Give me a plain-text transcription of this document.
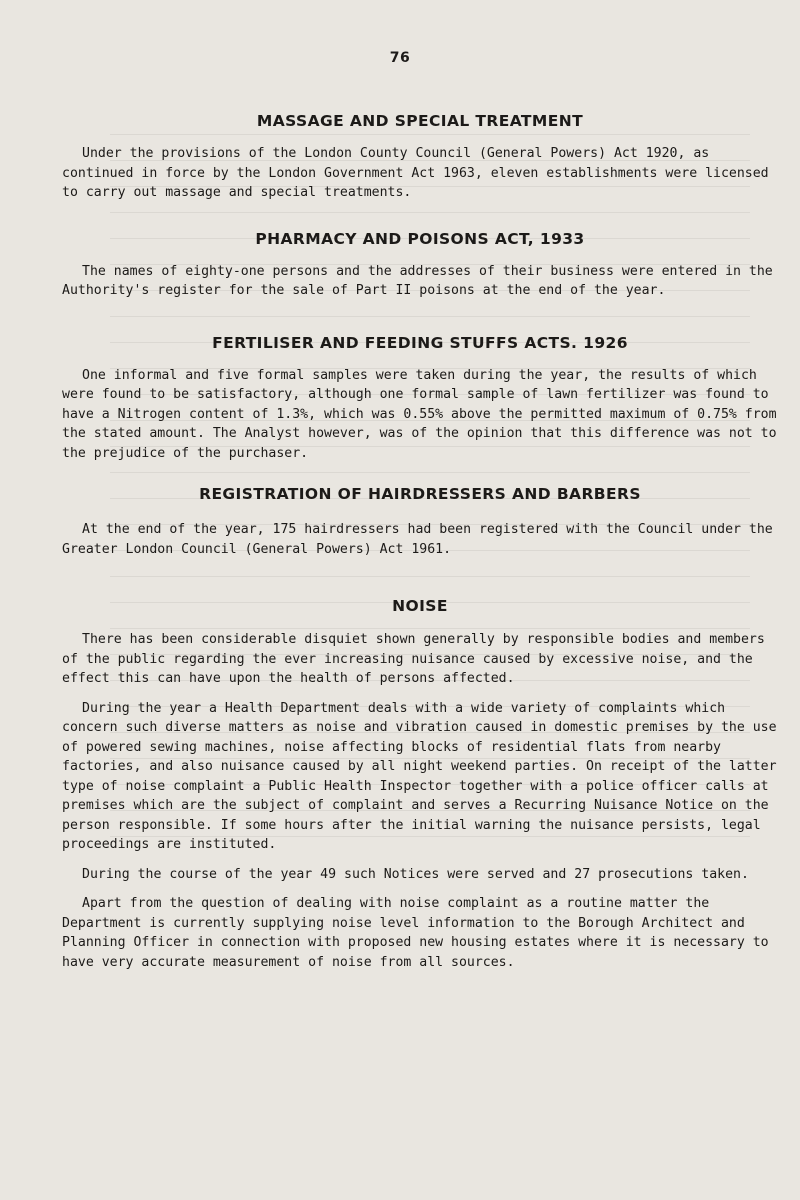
76
MASSAGE AND SPECIAL TREATMENT

Under the provisions of the London County Council (General Powers) Act 1920, as continued in force by the London Government Act 1963, eleven establishments were licensed to carry out massage and special treatments.

PHARMACY AND POISONS ACT, 1933

The names of eighty-one persons and the addresses of their business were entered in the Authority's register for the sale of Part II poisons at the end of the year.

FERTILISER AND FEEDING STUFFS ACTS. 1926

One informal and five formal samples were taken during the year, the results of which were found to be satisfactory, although one formal sample of lawn fertilizer was found to have a Nitrogen content of 1.3%, which was 0.55% above the permitted maximum of 0.75% from the stated amount. The Analyst however, was of the opinion that this difference was not to the prejudice of the purchaser.

REGISTRATION OF HAIRDRESSERS AND BARBERS

At the end of the year, 175 hairdressers had been registered with the Council under the Greater London Council (General Powers) Act 1961.

NOISE

There has been considerable disquiet shown generally by responsible bodies and members of the public regarding the ever increasing nuisance caused by excessive noise, and the effect this can have upon the health of persons affected.

During the year a Health Department deals with a wide variety of complaints which concern such diverse matters as noise and vibration caused in domestic premises by the use of powered sewing machines, noise affecting blocks of residential flats from nearby factories, and also nuisance caused by all night weekend parties. On receipt of the latter type of noise complaint a Public Health Inspector together with a police officer calls at premises which are the subject of complaint and serves a Recurring Nuisance Notice on the person responsible. If some hours after the initial warning the nuisance persists, legal proceedings are instituted.

During the course of the year 49 such Notices were served and 27 prosecutions taken.

Apart from the question of dealing with noise complaint as a routine matter the Department is currently supplying noise level information to the Borough Architect and Planning Officer in connection with proposed new housing estates where it is necessary to have very accurate measurement of noise from all sources.
